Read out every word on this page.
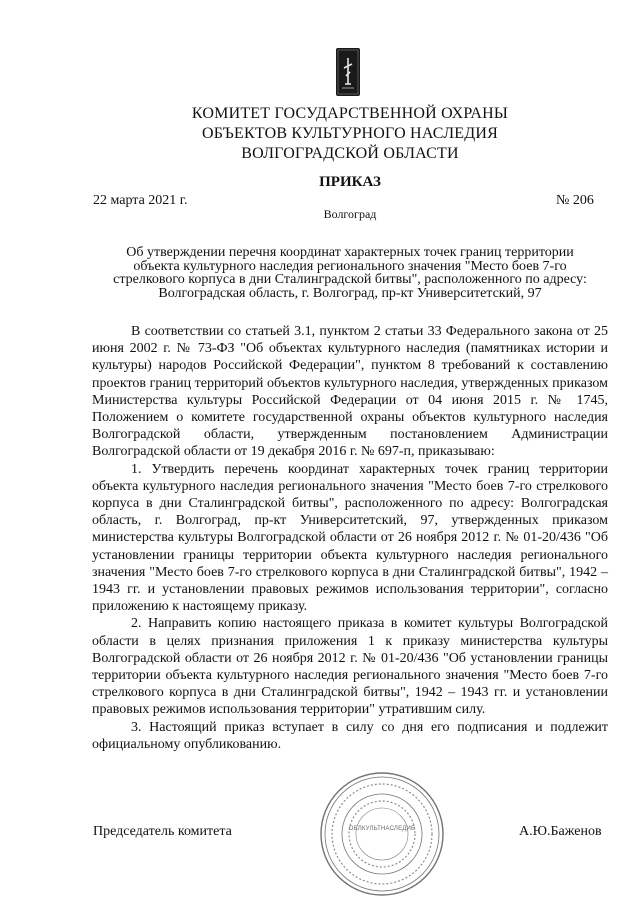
КОМИТЕТ ГОСУДАРСТВЕННОЙ ОХРАНЫ
ОБЪЕКТОВ КУЛЬТУРНОГО НАСЛЕДИЯ
ВОЛГОГРАДСКОЙ ОБЛАСТИ
ПРИКАЗ
22 марта 2021 г.	№ 206
Волгоград
Об утверждении перечня координат характерных точек границ территории
объекта культурного наследия регионального значения "Место боев 7-го
стрелкового корпуса в дни Сталинградской битвы", расположенного по адресу:
Волгоградская область, г. Волгоград, пр-кт Университетский, 97

В соответствии со статьей 3.1, пунктом 2 статьи 33 Федерального закона от 25 июня 2002 г. № 73-ФЗ "Об объектах культурного наследия (памятниках истории и культуры) народов Российской Федерации", пунктом 8 требований к составлению проектов границ территорий объектов культурного наследия, утвержденных приказом Министерства культуры Российской Федерации от 04 июня 2015 г. № 1745, Положением о комитете государственной охраны объектов культурного наследия Волгоградской области, утвержденным постановлением Администрации Волгоградской области от 19 декабря 2016 г. № 697-п, приказываю:

1. Утвердить перечень координат характерных точек границ территории объекта культурного наследия регионального значения "Место боев 7-го стрелкового корпуса в дни Сталинградской битвы", расположенного по адресу: Волгоградская область, г. Волгоград, пр-кт Университетский, 97, утвержденных приказом министерства культуры Волгоградской области от 26 ноября 2012 г. № 01-20/436 "Об установлении границы территории объекта культурного наследия регионального значения "Место боев 7-го стрелкового корпуса в дни Сталинградской битвы", 1942 – 1943 гг. и установлении правовых режимов использования территории", согласно приложению к настоящему приказу.

2. Направить копию настоящего приказа в комитет культуры Волгоградской области в целях признания приложения 1 к приказу министерства культуры Волгоградской области от 26 ноября 2012 г. № 01-20/436 "Об установлении границы территории объекта культурного наследия регионального значения "Место боев 7-го стрелкового корпуса в дни Сталинградской битвы", 1942 – 1943 гг. и установлении правовых режимов использования территории" утратившим силу.

3. Настоящий приказ вступает в силу со дня его подписания и подлежит официальному опубликованию.

ОБЛКУЛЬТНАСЛЕДИЕ
Председатель комитета	А.Ю.Баженов
